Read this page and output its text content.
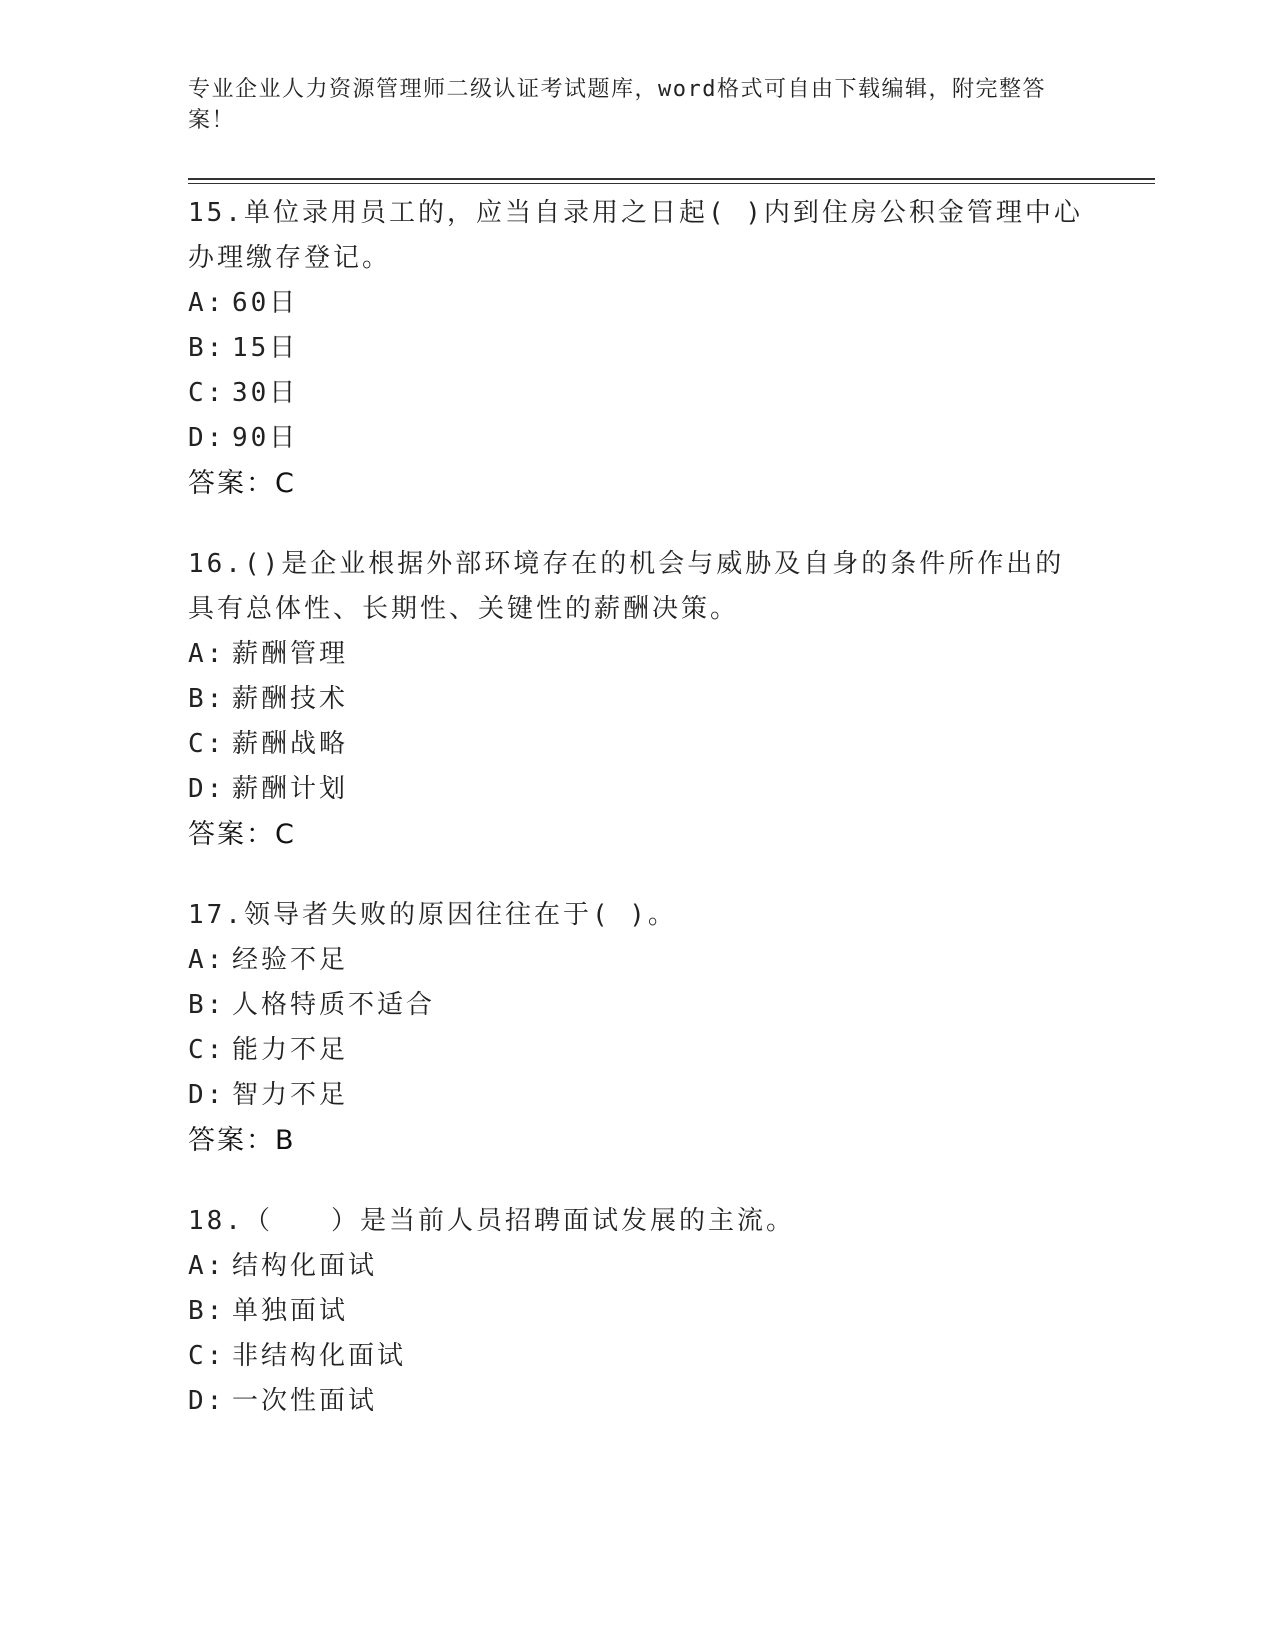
专业企业人力资源管理师二级认证考试题库，word格式可自由下载编辑，附完整答案！

15.单位录用员工的，应当自录用之日起( )内到住房公积金管理中心办理缴存登记。

A: 60日

B: 15日

C: 30日

D: 90日

答案：C

16.()是企业根据外部环境存在的机会与威胁及自身的条件所作出的具有总体性、长期性、关键性的薪酬决策。

A: 薪酬管理

B: 薪酬技术

C: 薪酬战略

D: 薪酬计划

答案：C

17.领导者失败的原因往往在于( )。

A: 经验不足

B: 人格特质不适合

C: 能力不足

D: 智力不足

答案：B

18.（　　）是当前人员招聘面试发展的主流。

A: 结构化面试

B: 单独面试

C: 非结构化面试

D: 一次性面试
